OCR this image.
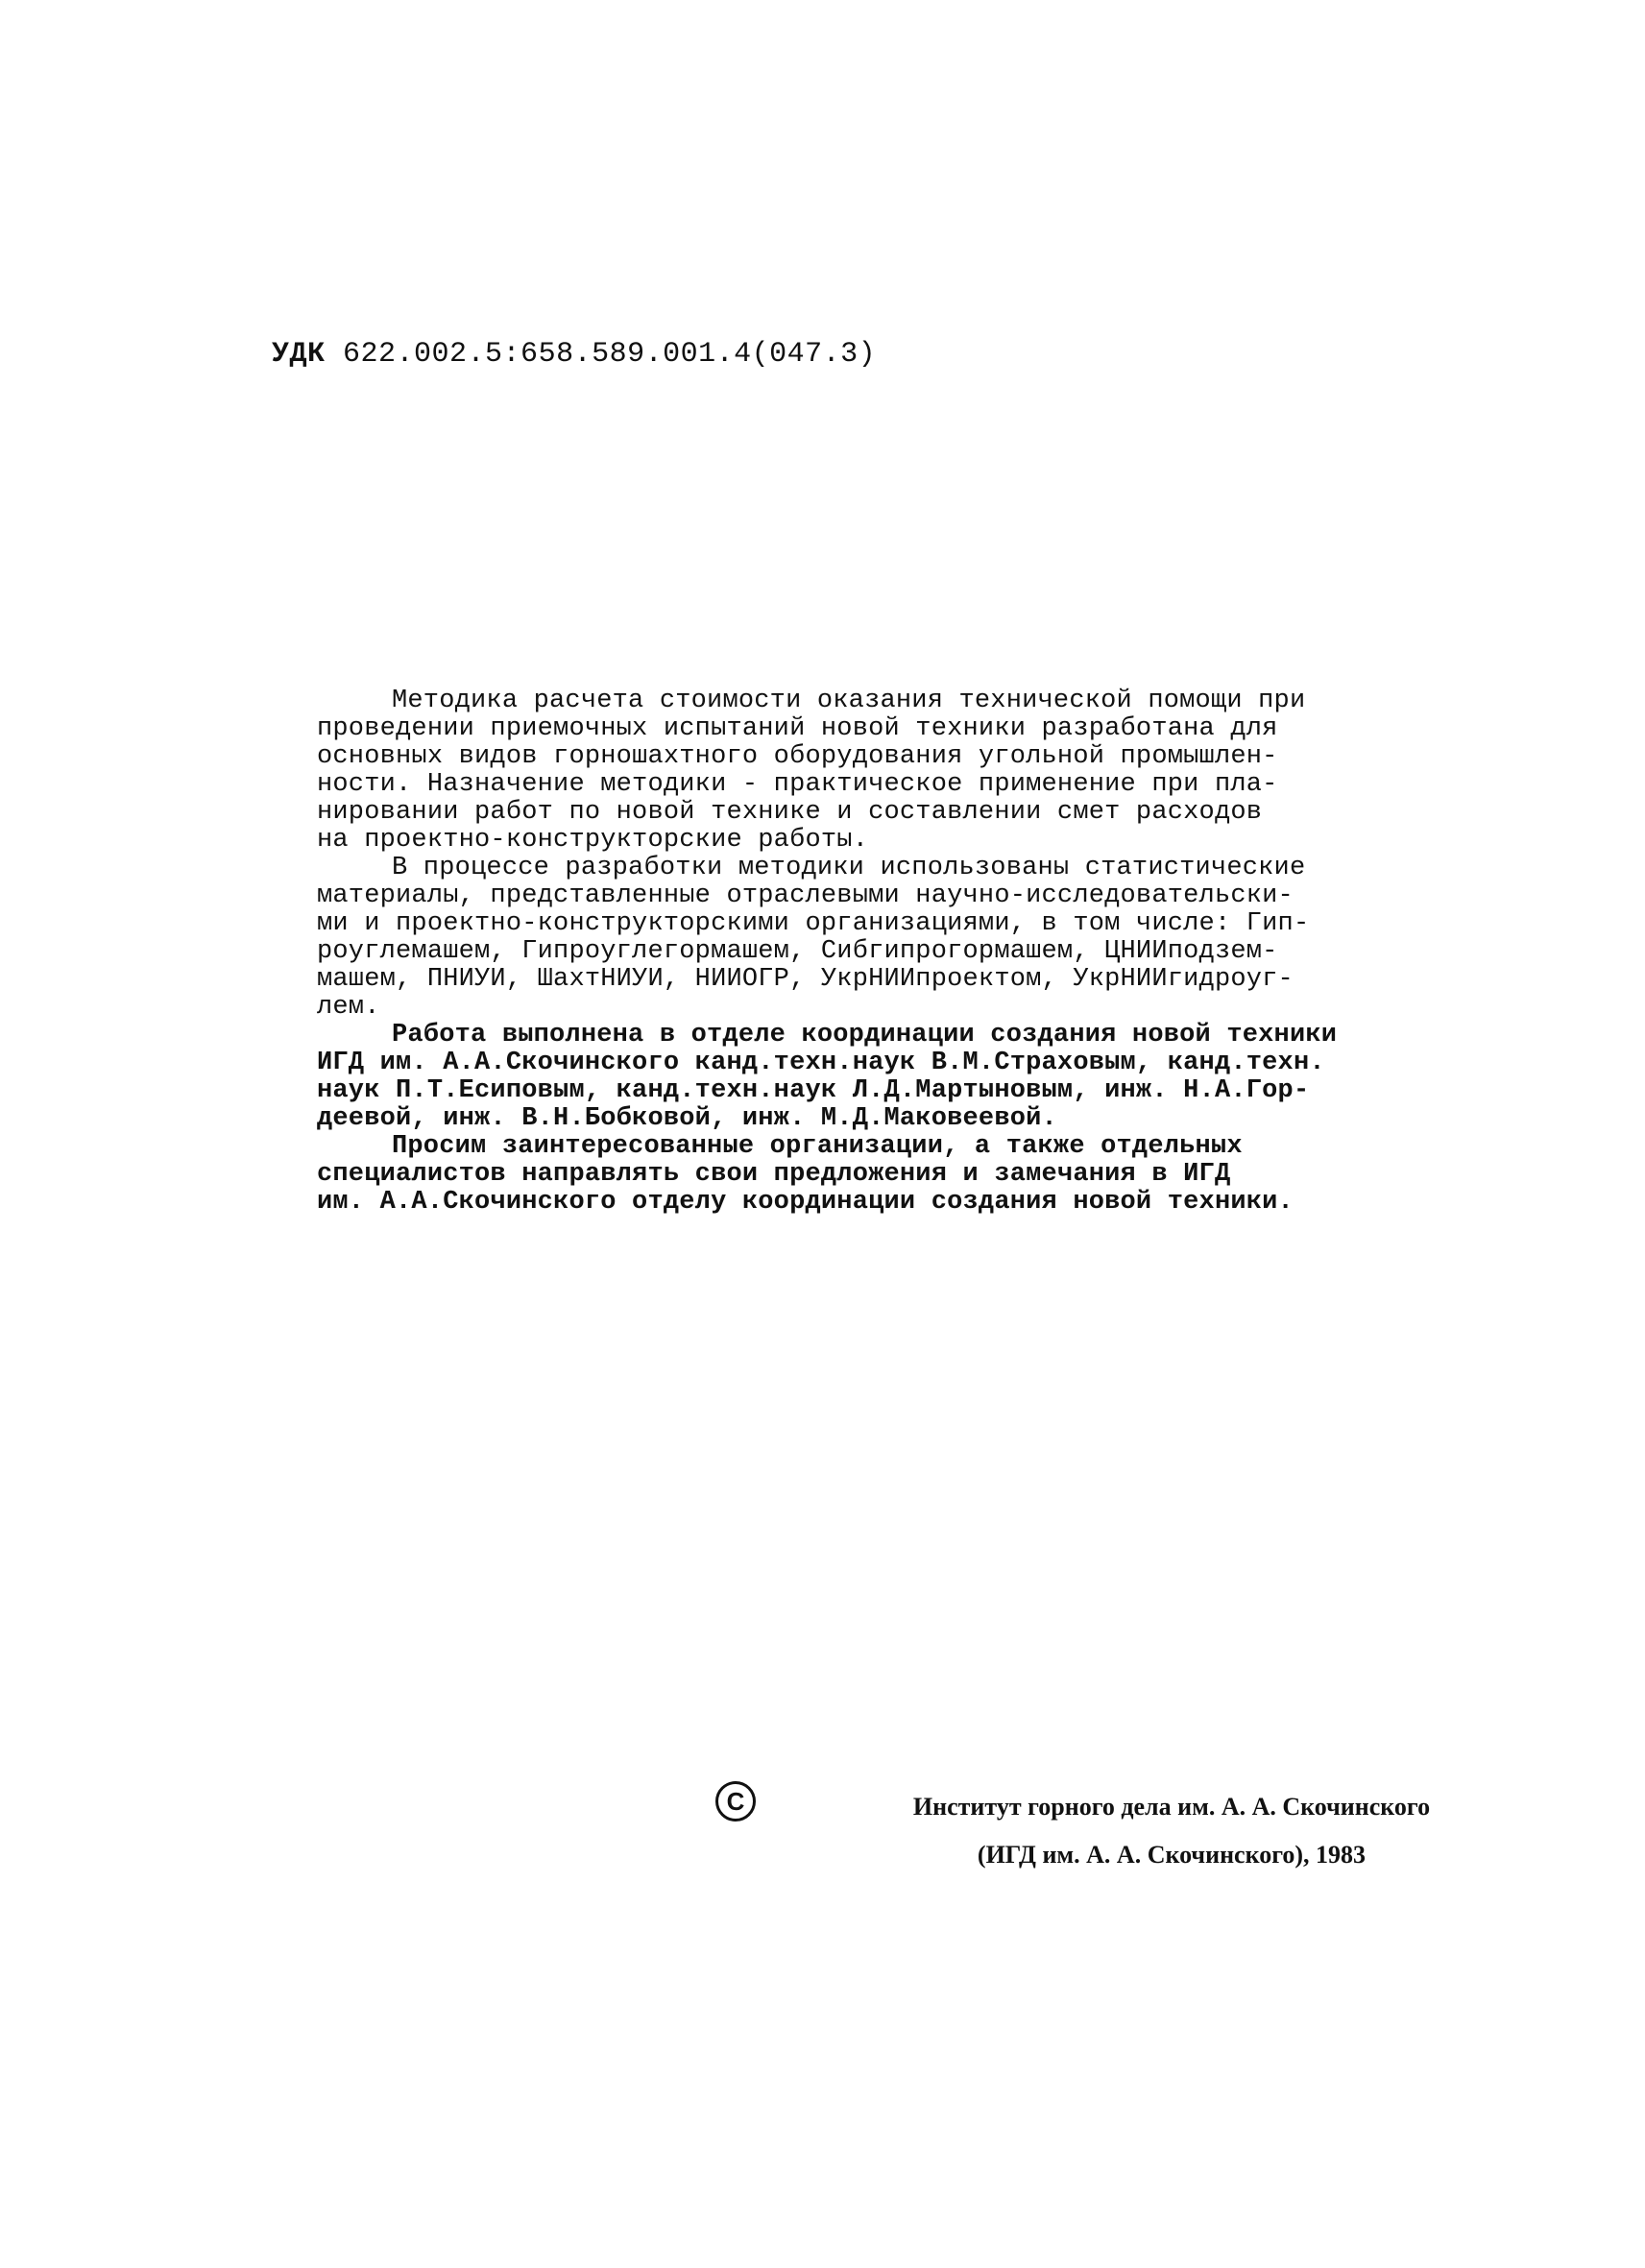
УДК 622.002.5:658.589.001.4(047.3)
Методика расчета стоимости оказания технической помощи при
проведении приемочных испытаний новой техники разработана для
основных видов горношахтного оборудования угольной промышлен-
ности. Назначение методики - практическое применение при пла-
нировании работ по новой технике и составлении смет расходов
на проектно-конструкторские работы.
В процессе разработки методики использованы статистические
материалы, представленные отраслевыми научно-исследовательски-
ми и проектно-конструкторскими организациями, в том числе: Гип-
роуглемашем, Гипроуглегормашем, Сибгипрогормашем, ЦНИИподзем-
машем, ПНИУИ, ШахтНИУИ, НИИОГР, УкрНИИпроектом, УкрНИИгидроуг-
лем.
Работа выполнена в отделе координации создания новой техники
ИГД им. А.А.Скочинского канд.техн.наук В.М.Страховым, канд.техн.
наук П.Т.Есиповым, канд.техн.наук Л.Д.Мартыновым, инж. Н.А.Гор-
деевой, инж. В.Н.Бобковой, инж. М.Д.Маковеевой.
Просим заинтересованные организации, а также отдельных
специалистов направлять свои предложения и замечания в ИГД
им. А.А.Скочинского отделу координации создания новой техники.
C	Институт горного дела им. А. А. Скочинского
(ИГД им. А. А. Скочинского), 1983
